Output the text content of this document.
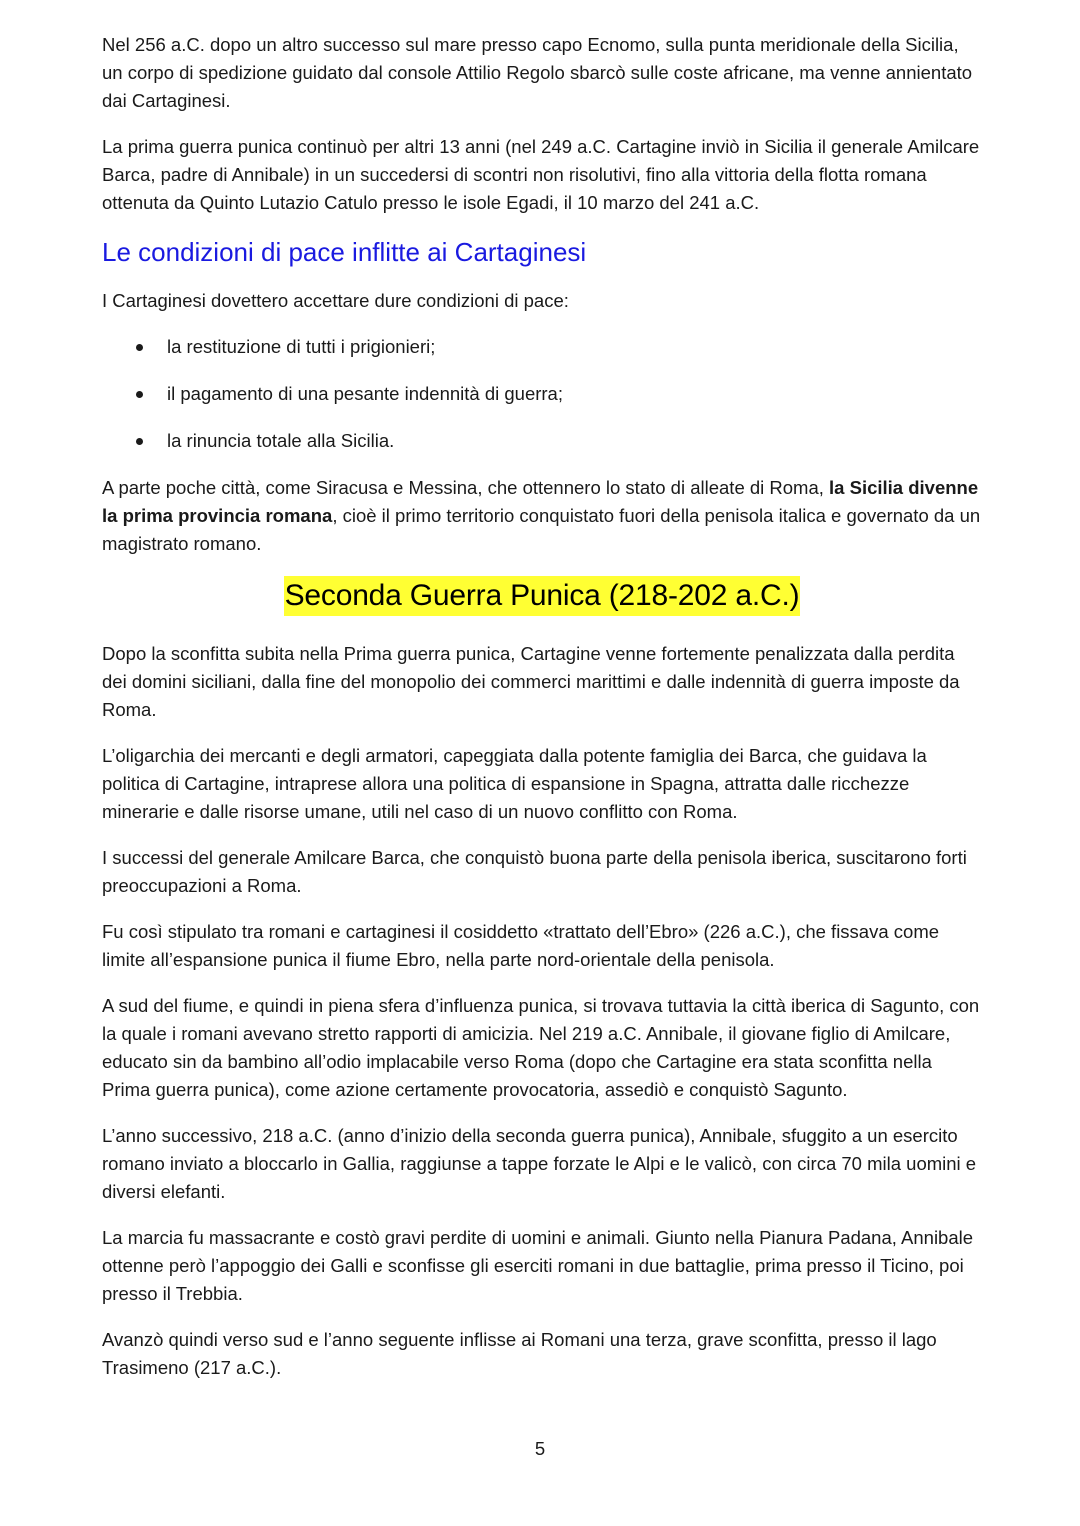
Nel 256 a.C. dopo un altro successo sul mare presso capo Ecnomo, sulla punta meridionale della Sicilia, un corpo di spedizione guidato dal console Attilio Regolo sbarcò sulle coste africane, ma venne annientato dai Cartaginesi.

La prima guerra punica continuò per altri 13 anni (nel 249 a.C. Cartagine inviò in Sicilia il generale Amilcare Barca, padre di Annibale) in un succedersi di scontri non risolutivi, fino alla vittoria della flotta romana ottenuta da Quinto Lutazio Catulo presso le isole Egadi, il 10 marzo del 241 a.C.

Le condizioni di pace inflitte ai Cartaginesi

I Cartaginesi dovettero accettare dure condizioni di pace:

la restituzione di tutti i prigionieri;
il pagamento di una pesante indennità di guerra;
la rinuncia totale alla Sicilia.

A parte poche città, come Siracusa e Messina, che ottennero lo stato di alleate di Roma, la Sicilia divenne la prima provincia romana, cioè il primo territorio conquistato fuori della penisola italica e governato da un magistrato romano.

Seconda Guerra Punica (218-202 a.C.)

Dopo la sconfitta subita nella Prima guerra punica, Cartagine venne fortemente penalizzata dalla perdita dei domini siciliani, dalla fine del monopolio dei commerci marittimi e dalle indennità di guerra imposte da Roma.

L’oligarchia dei mercanti e degli armatori, capeggiata dalla potente famiglia dei Barca, che guidava la politica di Cartagine, intraprese allora una politica di espansione in Spagna, attratta dalle ricchezze minerarie e dalle risorse umane, utili nel caso di un nuovo conflitto con Roma.

I successi del generale Amilcare Barca, che conquistò buona parte della penisola iberica, suscitarono forti preoccupazioni a Roma.

Fu così stipulato tra romani e cartaginesi il cosiddetto «trattato dell’Ebro» (226 a.C.), che fissava come limite all’espansione punica il fiume Ebro, nella parte nord-orientale della penisola.

A sud del fiume, e quindi in piena sfera d’influenza punica, si trovava tuttavia la città iberica di Sagunto, con la quale i romani avevano stretto rapporti di amicizia. Nel 219 a.C. Annibale, il giovane figlio di Amilcare, educato sin da bambino all’odio implacabile verso Roma (dopo che Cartagine era stata sconfitta nella Prima guerra punica), come azione certamente provocatoria, assediò e conquistò Sagunto.

L’anno successivo, 218 a.C. (anno d’inizio della seconda guerra punica), Annibale, sfuggito a un esercito romano inviato a bloccarlo in Gallia, raggiunse a tappe forzate le Alpi e le valicò, con circa 70 mila uomini e diversi elefanti.

La marcia fu massacrante e costò gravi perdite di uomini e animali. Giunto nella Pianura Padana, Annibale ottenne però l’appoggio dei Galli e sconfisse gli eserciti romani in due battaglie, prima presso il Ticino, poi presso il Trebbia.

Avanzò quindi verso sud e l’anno seguente inflisse ai Romani una terza, grave sconfitta, presso il lago Trasimeno (217 a.C.).

5
